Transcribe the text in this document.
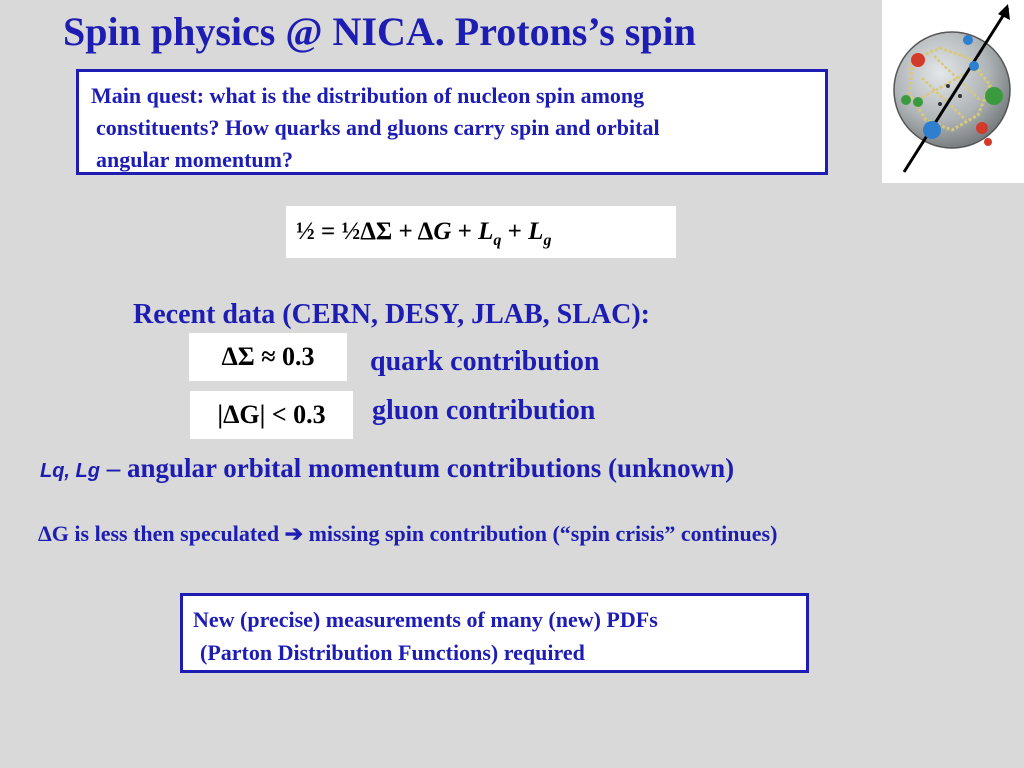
Spin physics @ NICA. Protons’s spin
Main quest: what is the distribution of nucleon spin among
constituents? How quarks and gluons carry spin and orbital
angular momentum?
½ = ½ΔΣ + $\Delta G + L_q + L_g$
Recent data (CERN, DESY, JLAB, SLAC):
ΔΣ ≈ 0.3	quark contribution
|ΔG| < 0.3	gluon contribution
Lq, Lg – angular orbital momentum contributions (unknown)
ΔG is less then speculated ➔ missing spin contribution (“spin crisis” continues)
New (precise) measurements of many (new) PDFs
(Parton Distribution Functions) required
